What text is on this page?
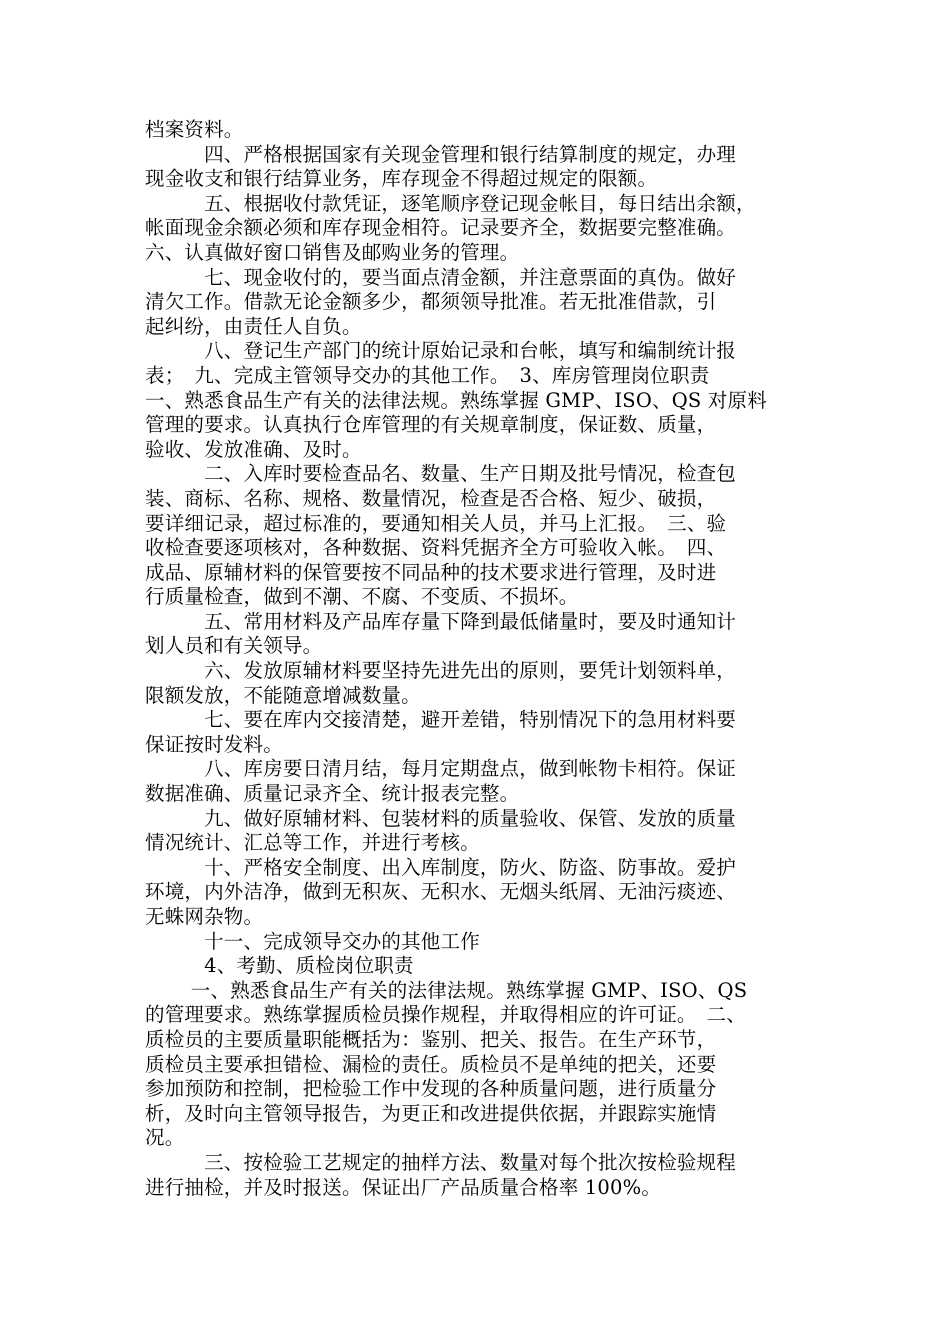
档案资料。
　　　四、严格根据国家有关现金管理和银行结算制度的规定，办理
现金收支和银行结算业务，库存现金不得超过规定的限额。
　　　五、根据收付款凭证，逐笔顺序登记现金帐目，每日结出余额，
帐面现金余额必须和库存现金相符。记录要齐全，数据要完整准确。
六、认真做好窗口销售及邮购业务的管理。
　　　七、现金收付的，要当面点清金额，并注意票面的真伪。做好
清欠工作。借款无论金额多少，都须领导批准。若无批准借款，引
起纠纷，由责任人自负。
　　　八、登记生产部门的统计原始记录和台帐，填写和编制统计报
表；　九、完成主管领导交办的其他工作。　3、库房管理岗位职责
一、熟悉食品生产有关的法律法规。熟练掌握 GMP、ISO、QS 对原料
管理的要求。认真执行仓库管理的有关规章制度，保证数、质量，
验收、发放准确、及时。
　　　二、入库时要检查品名、数量、生产日期及批号情况，检查包
装、商标、名称、规格、数量情况，检查是否合格、短少、破损，
要详细记录，超过标准的，要通知相关人员，并马上汇报。　三、验
收检查要逐项核对，各种数据、资料凭据齐全方可验收入帐。　四、
成品、原辅材料的保管要按不同品种的技术要求进行管理，及时进
行质量检查，做到不潮、不腐、不变质、不损坏。
　　　五、常用材料及产品库存量下降到最低储量时，要及时通知计
划人员和有关领导。
　　　六、发放原辅材料要坚持先进先出的原则，要凭计划领料单，
限额发放，不能随意增减数量。
　　　七、要在库内交接清楚，避开差错，特别情况下的急用材料要
保证按时发料。
　　　八、库房要日清月结，每月定期盘点，做到帐物卡相符。保证
数据准确、质量记录齐全、统计报表完整。
　　　九、做好原辅材料、包装材料的质量验收、保管、发放的质量
情况统计、汇总等工作，并进行考核。
　　　十、严格安全制度、出入库制度，防火、防盗、防事故。爱护
环境，内外洁净，做到无积灰、无积水、无烟头纸屑、无油污痰迹、
无蛛网杂物。
　　　十一、完成领导交办的其他工作
　　　4、考勤、质检岗位职责
　　 一、熟悉食品生产有关的法律法规。熟练掌握 GMP、ISO、QS
的管理要求。熟练掌握质检员操作规程，并取得相应的许可证。　二、
质检员的主要质量职能概括为：鉴别、把关、报告。在生产环节，
质检员主要承担错检、漏检的责任。质检员不是单纯的把关，还要
参加预防和控制，把检验工作中发现的各种质量问题，进行质量分
析，及时向主管领导报告，为更正和改进提供依据，并跟踪实施情
况。
　　　三、按检验工艺规定的抽样方法、数量对每个批次按检验规程
进行抽检，并及时报送。保证出厂产品质量合格率 100%。
